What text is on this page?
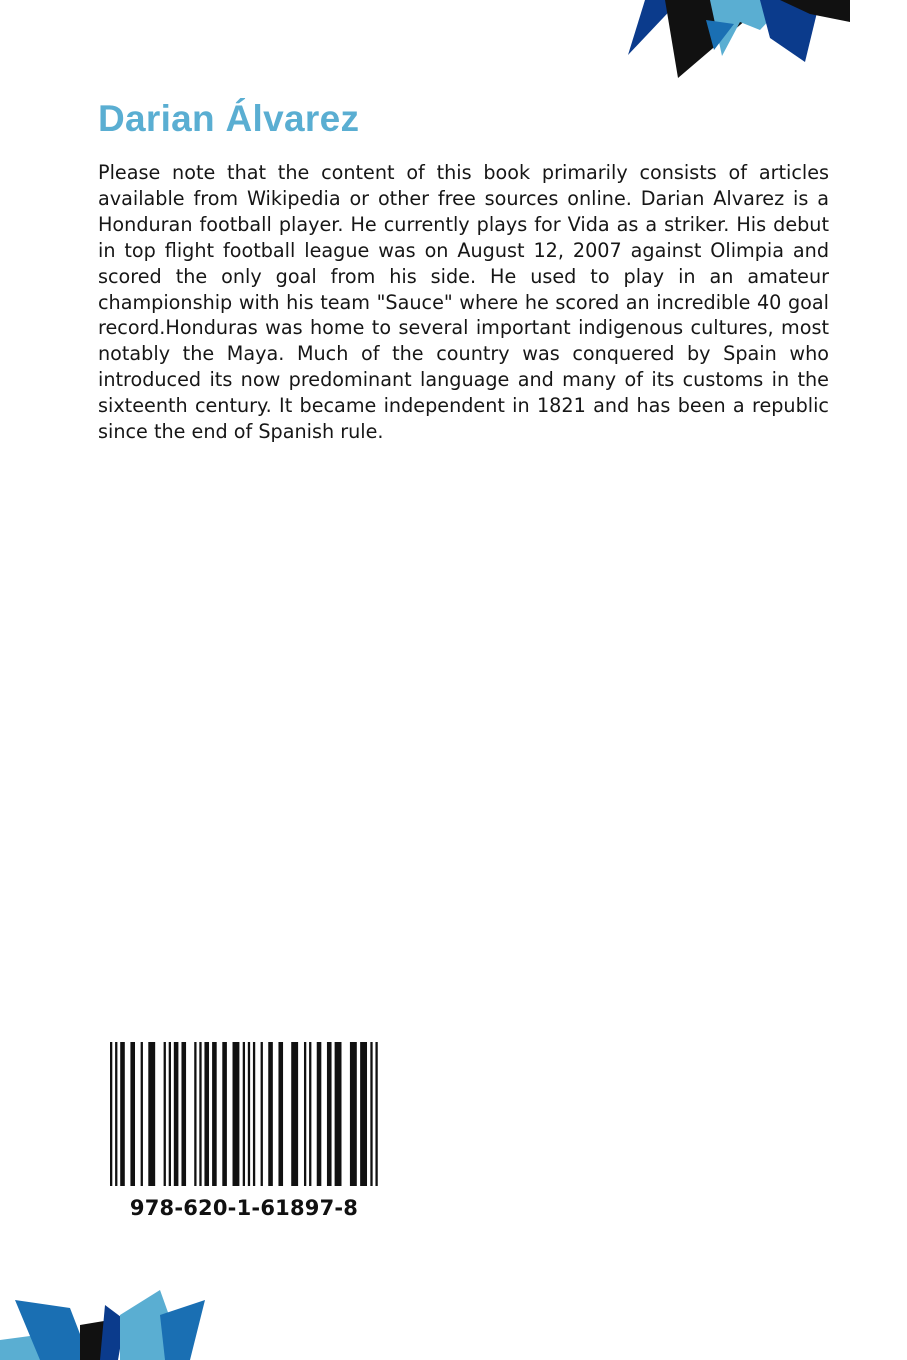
Darian Álvarez

Please note that the content of this book primarily consists of articles available from Wikipedia or other free sources online. Darian Alvarez is a Honduran football player. He currently plays for Vida as a striker. His debut in top flight football league was on August 12, 2007 against Olimpia and scored the only goal from his side. He used to play in an amateur championship with his team "Sauce" where he scored an incredible 40 goal record.Honduras was home to several important indigenous cultures, most notably the Maya. Much of the country was conquered by Spain who introduced its now predominant language and many of its customs in the sixteenth century. It became independent in 1821 and has been a republic since the end of Spanish rule.

978-620-1-61897-8
